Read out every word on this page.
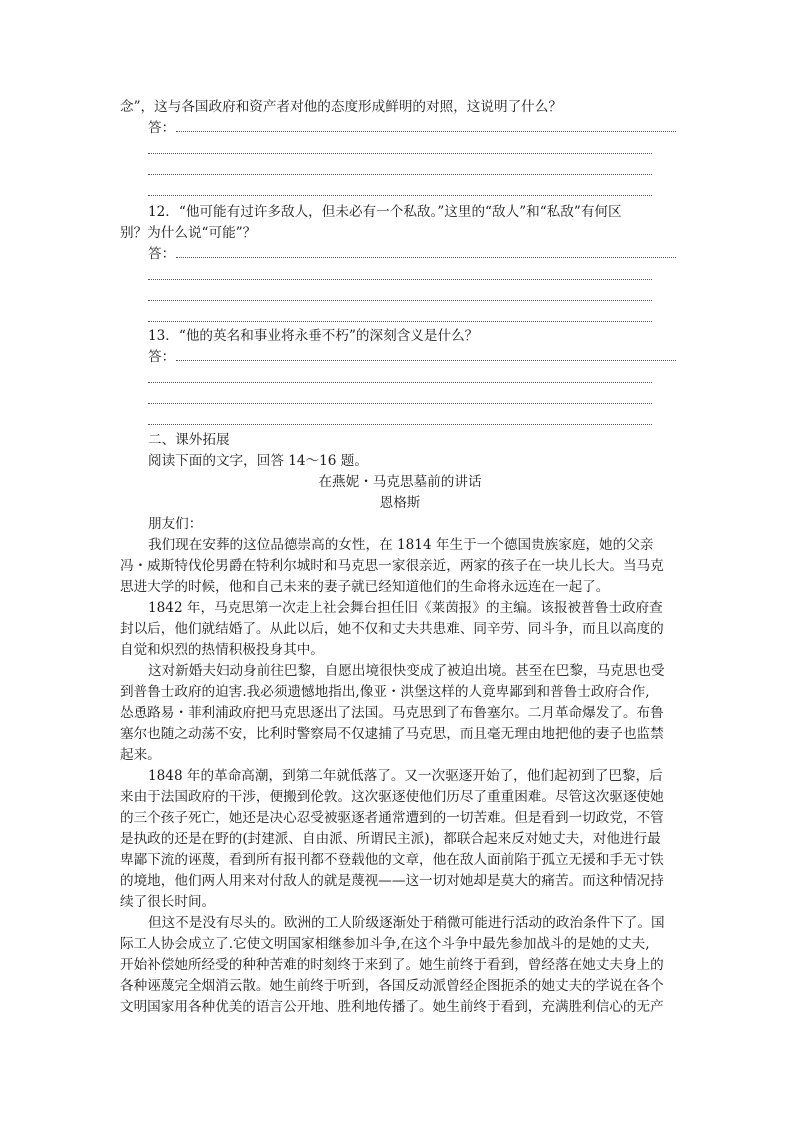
念”，这与各国政府和资产者对他的态度形成鲜明的对照，这说明了什么？
答：
12．“他可能有过许多敌人，但未必有一个私敌。”这里的“敌人”和“私敌”有何区
别？为什么说“可能”？
答：
13．“他的英名和事业将永垂不朽”的深刻含义是什么？
答：
二、课外拓展
阅读下面的文字，回答 14～16 题。
在燕妮・马克思墓前的讲话
恩格斯
朋友们：
我们现在安葬的这位品德崇高的女性，在 1814 年生于一个德国贵族家庭，她的父亲
冯・威斯特伐伦男爵在特利尔城时和马克思一家很亲近，两家的孩子在一块儿长大。当马克
思进大学的时候，他和自己未来的妻子就已经知道他们的生命将永远连在一起了。
1842 年，马克思第一次走上社会舞台担任旧《莱茵报》的主编。该报被普鲁士政府查
封以后，他们就结婚了。从此以后，她不仅和丈夫共患难、同辛劳、同斗争，而且以高度的
自觉和炽烈的热情积极投身其中。
这对新婚夫妇动身前往巴黎，自愿出境很快变成了被迫出境。甚至在巴黎，马克思也受
到普鲁士政府的迫害.我必须遗憾地指出,像亚・洪堡这样的人竟卑鄙到和普鲁士政府合作,
怂恿路易・菲利浦政府把马克思逐出了法国。马克思到了布鲁塞尔。二月革命爆发了。布鲁
塞尔也随之动荡不安，比利时警察局不仅逮捕了马克思，而且毫无理由地把他的妻子也监禁
起来。
1848 年的革命高潮，到第二年就低落了。又一次驱逐开始了，他们起初到了巴黎，后
来由于法国政府的干涉，便搬到伦敦。这次驱逐使他们历尽了重重困难。尽管这次驱逐使她
的三个孩子死亡，她还是决心忍受被驱逐者通常遭到的一切苦难。但是看到一切政党，不管
是执政的还是在野的(封建派、自由派、所谓民主派)，都联合起来反对她丈夫，对他进行最
卑鄙下流的诬蔑，看到所有报刊都不登载他的文章，他在敌人面前陷于孤立无援和手无寸铁
的境地，他们两人用来对付敌人的就是蔑视——这一切对她却是莫大的痛苦。而这种情况持
续了很长时间。
但这不是没有尽头的。欧洲的工人阶级逐渐处于稍微可能进行活动的政治条件下了。国
际工人协会成立了.它使文明国家相继参加斗争,在这个斗争中最先参加战斗的是她的丈夫,
开始补偿她所经受的种种苦难的时刻终于来到了。她生前终于看到，曾经落在她丈夫身上的
各种诬蔑完全烟消云散。她生前终于听到，各国反动派曾经企图扼杀的她丈夫的学说在各个
文明国家用各种优美的语言公开地、胜利地传播了。她生前终于看到，充满胜利信心的无产
